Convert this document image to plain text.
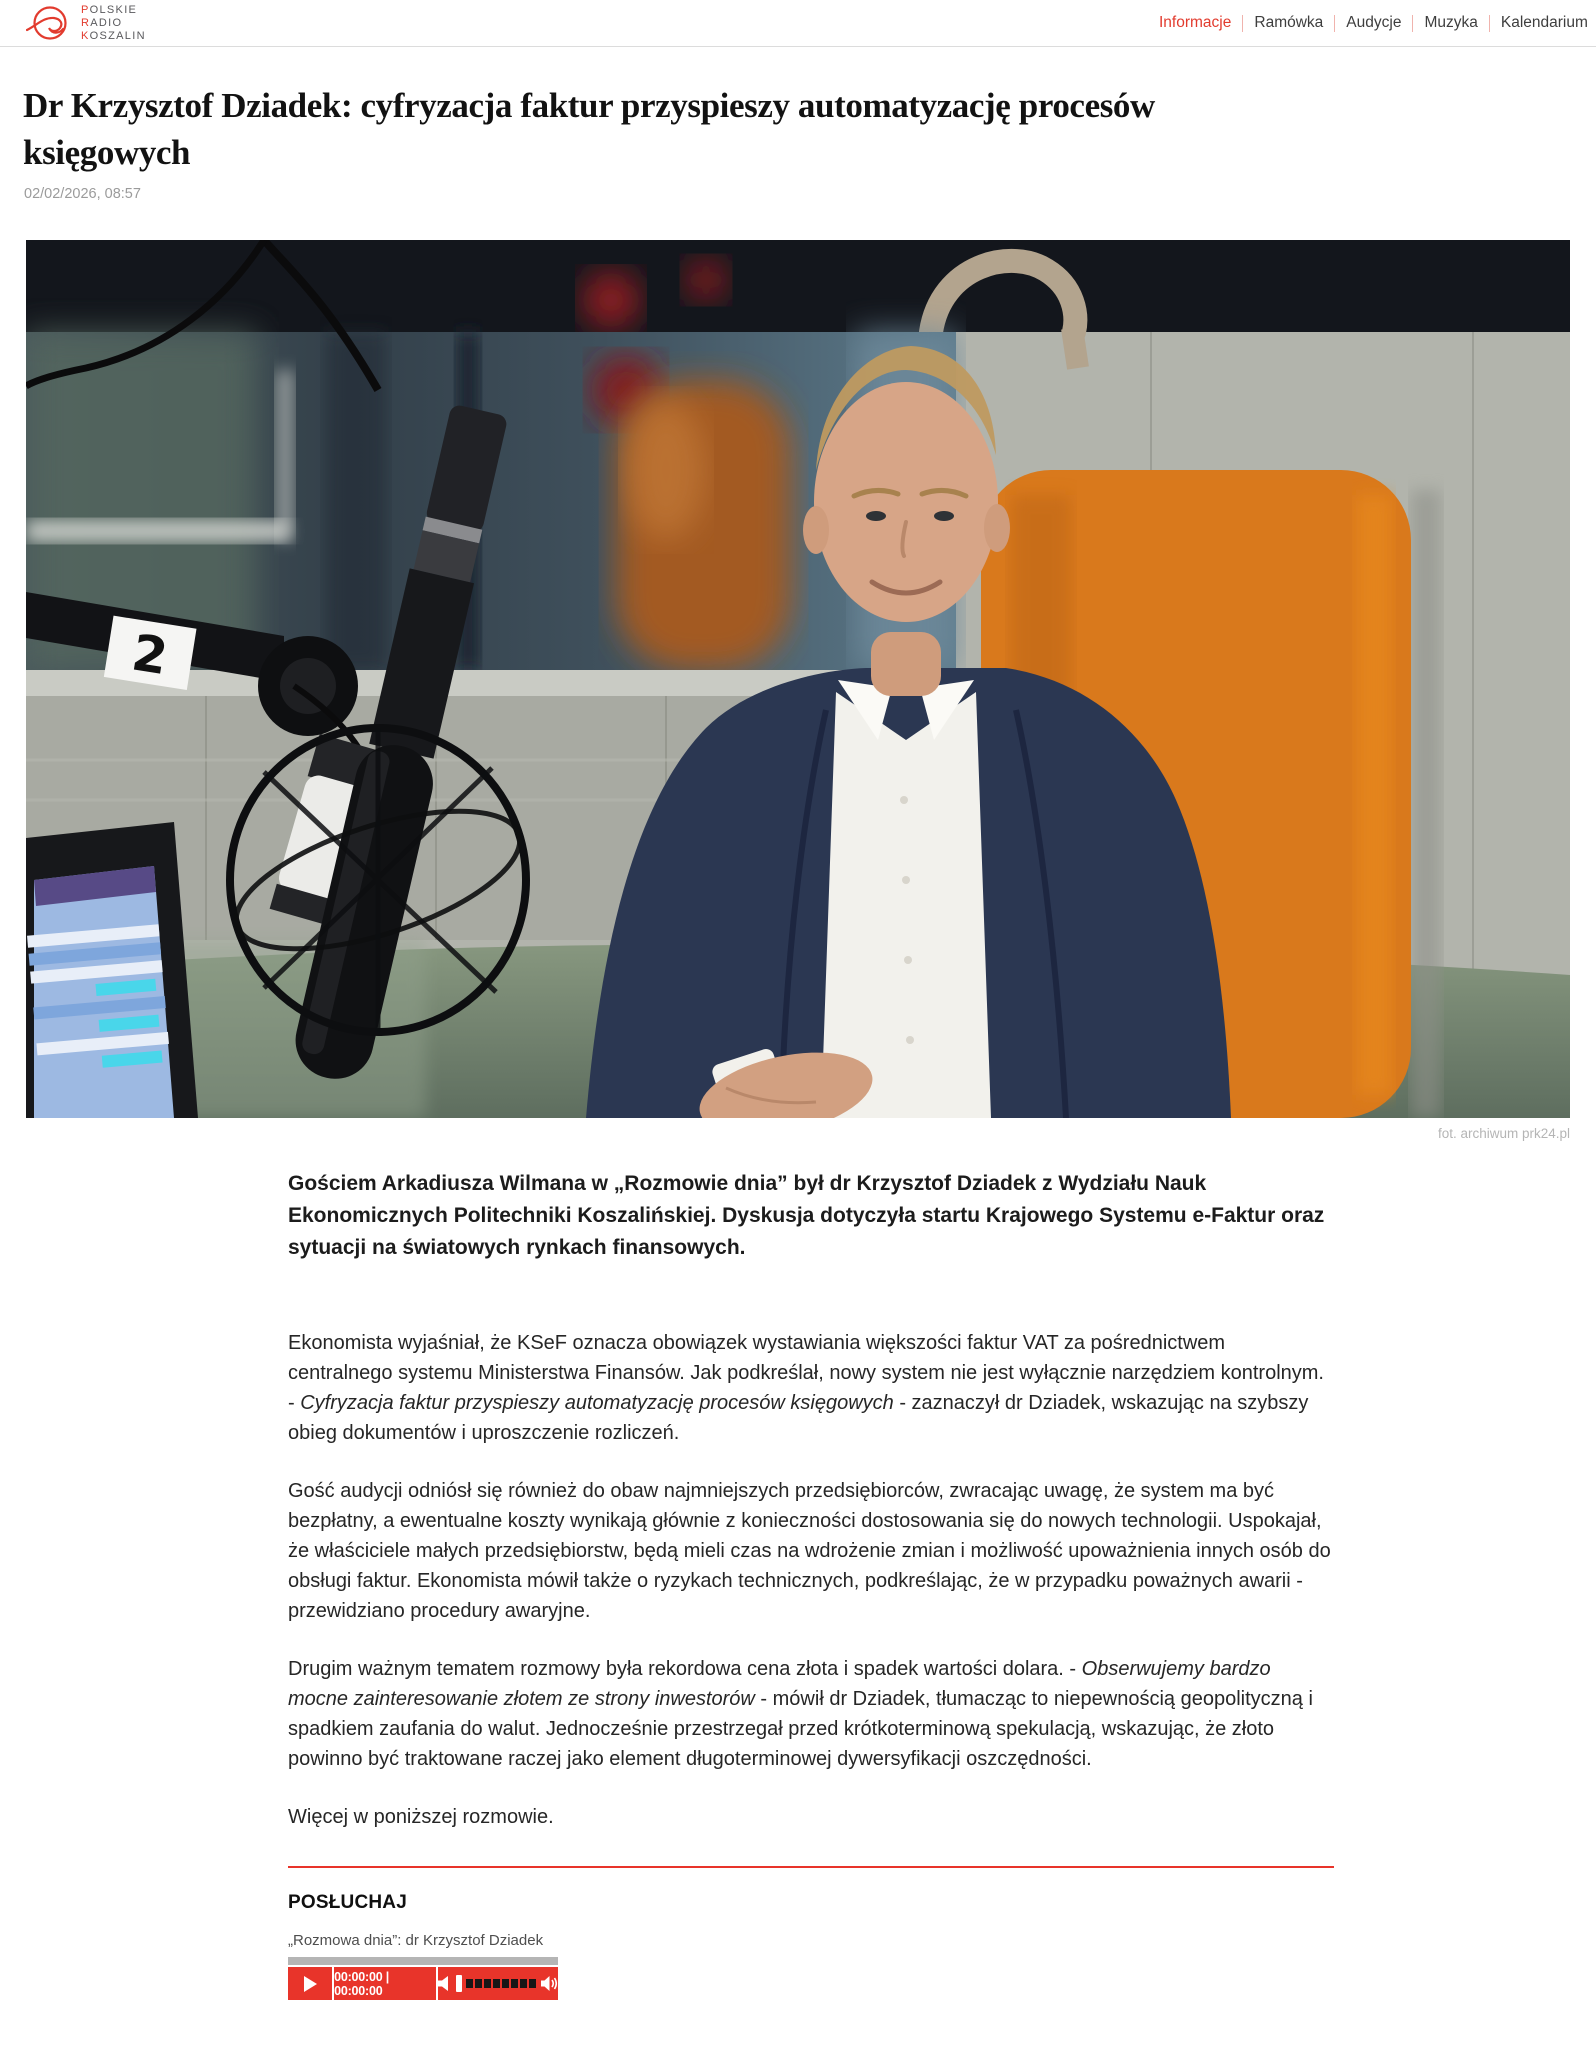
POLSKIE
RADIO
KOSZALIN
Informacje	Ramówka	Audycje	Muzyka	Kalendarium
Dr Krzysztof Dziadek: cyfryzacja faktur przyspieszy automatyzację procesów księgowych
02/02/2026, 08:57
2
fot. archiwum prk24.pl

Gościem Arkadiusza Wilmana w „Rozmowie dnia” był dr Krzysztof Dziadek z Wydziału Nauk Ekonomicznych Politechniki Koszalińskiej. Dyskusja dotyczyła startu Krajowego Systemu e-Faktur oraz sytuacji na światowych rynkach finansowych.

Ekonomista wyjaśniał, że KSeF oznacza obowiązek wystawiania większości faktur VAT za pośrednictwem centralnego systemu Ministerstwa Finansów. Jak podkreślał, nowy system nie jest wyłącznie narzędziem kontrolnym. - Cyfryzacja faktur przyspieszy automatyzację procesów księgowych - zaznaczył dr Dziadek, wskazując na szybszy obieg dokumentów i uproszczenie rozliczeń.

Gość audycji odniósł się również do obaw najmniejszych przedsiębiorców, zwracając uwagę, że system ma być bezpłatny, a ewentualne koszty wynikają głównie z konieczności dostosowania się do nowych technologii. Uspokajał, że właściciele małych przedsiębiorstw, będą mieli czas na wdrożenie zmian i możliwość upoważnienia innych osób do obsługi faktur. Ekonomista mówił także o ryzykach technicznych, podkreślając, że w przypadku poważnych awarii - przewidziano procedury awaryjne.

Drugim ważnym tematem rozmowy była rekordowa cena złota i spadek wartości dolara. - Obserwujemy bardzo mocne zainteresowanie złotem ze strony inwestorów - mówił dr Dziadek, tłumacząc to niepewnością geopolityczną i spadkiem zaufania do walut. Jednocześnie przestrzegał przed krótkoterminową spekulacją, wskazując, że złoto powinno być traktowane raczej jako element długoterminowej dywersyfikacji oszczędności.

Więcej w poniższej rozmowie.

POSŁUCHAJ
„Rozmowa dnia”: dr Krzysztof Dziadek
00:00:00 | 00:00:00
